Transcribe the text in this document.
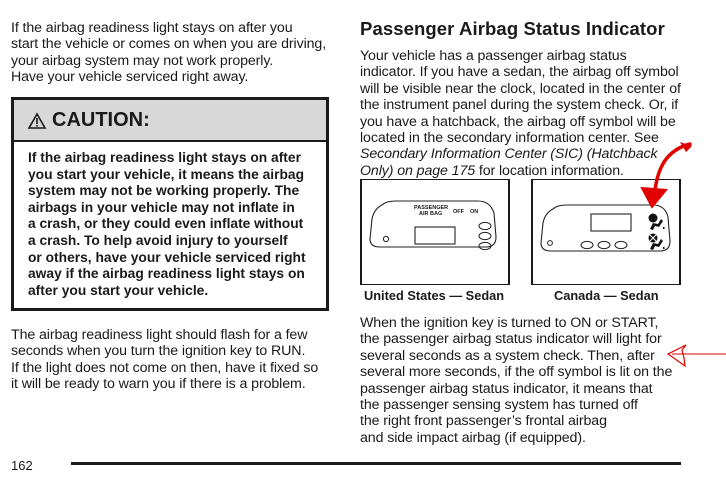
If the airbag readiness light stays on after you
start the vehicle or comes on when you are driving,
your airbag system may not work properly.
Have your vehicle serviced right away.
CAUTION:
If the airbag readiness light stays on after
you start your vehicle, it means the airbag
system may not be working properly. The
airbags in your vehicle may not inflate in
a crash, or they could even inflate without
a crash. To help avoid injury to yourself
or others, have your vehicle serviced right
away if the airbag readiness light stays on
after you start your vehicle.
The airbag readiness light should flash for a few
seconds when you turn the ignition key to RUN.
If the light does not come on then, have it fixed so
it will be ready to warn you if there is a problem.
Passenger Airbag Status Indicator
Your vehicle has a passenger airbag status
indicator. If you have a sedan, the airbag off symbol
will be visible near the clock, located in the center of
the instrument panel during the system check. Or, if
you have a hatchback, the airbag off symbol will be
located in the secondary information center. See
Secondary Information Center (SIC) (Hatchback
Only) on page 175 for location information.
PASSENGER
AIR BAG OFF ON
United States — Sedan	Canada — Sedan
When the ignition key is turned to ON or START,
the passenger airbag status indicator will light for
several seconds as a system check. Then, after
several more seconds, if the off symbol is lit on the
passenger airbag status indicator, it means that
the passenger sensing system has turned off
the right front passenger’s frontal airbag
and side impact airbag (if equipped).
162
